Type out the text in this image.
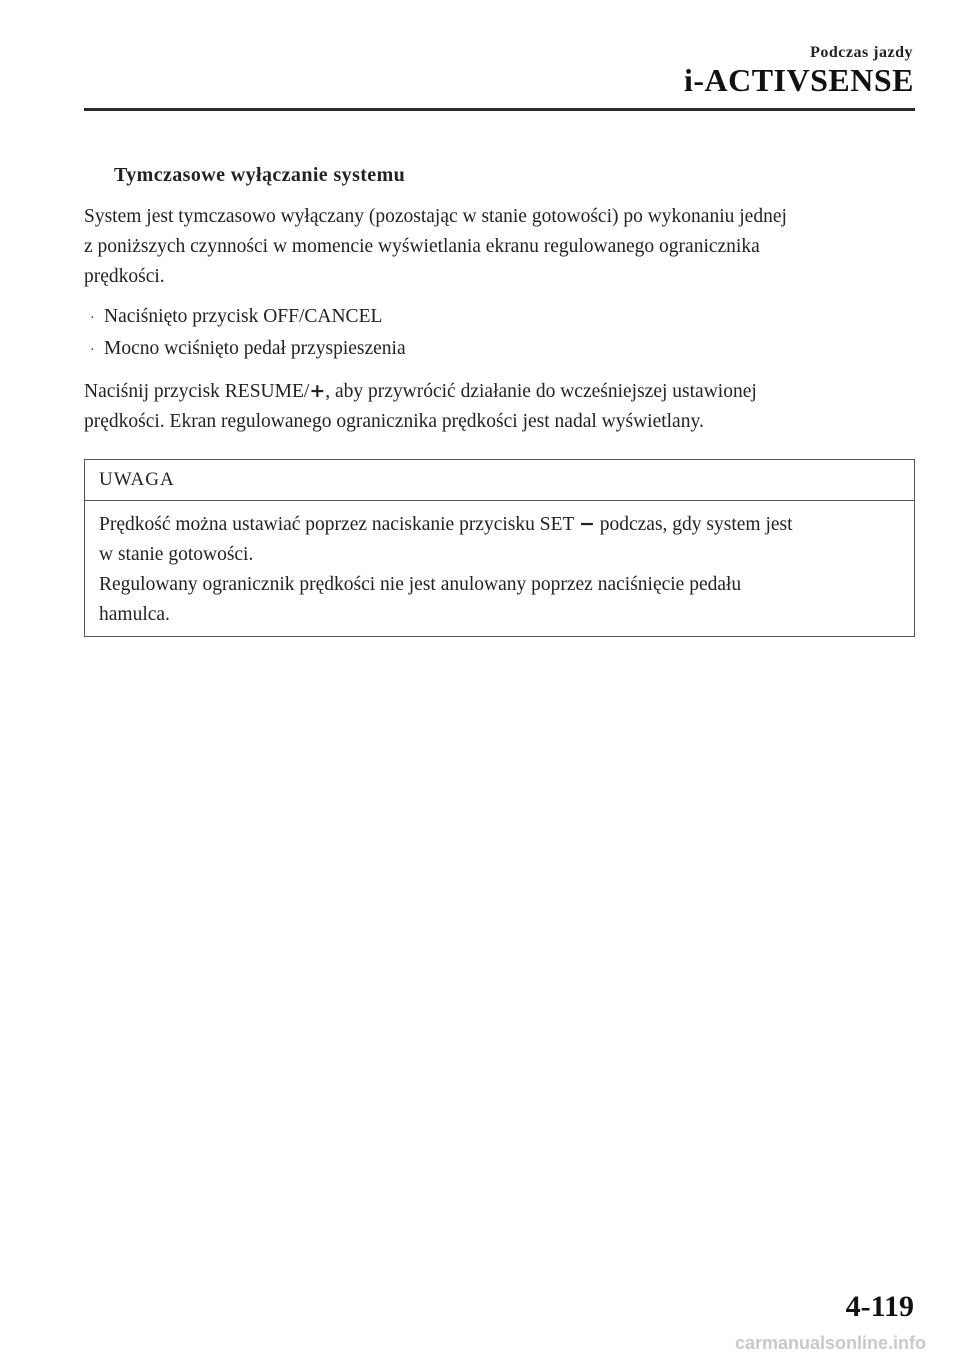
Podczas jazdy
i-ACTIVSENSE
Tymczasowe wyłączanie systemu
System jest tymczasowo wyłączany (pozostając w stanie gotowości) po wykonaniu jednej
z poniższych czynności w momencie wyświetlania ekranu regulowanego ogranicznika
prędkości.
· Naciśnięto przycisk OFF/CANCEL
· Mocno wciśnięto pedał przyspieszenia
Naciśnij przycisk RESUME/+, aby przywrócić działanie do wcześniejszej ustawionej
prędkości. Ekran regulowanego ogranicznika prędkości jest nadal wyświetlany.
UWAGA
Prędkość można ustawiać poprzez naciskanie przycisku SET − podczas, gdy system jest
w stanie gotowości.
Regulowany ogranicznik prędkości nie jest anulowany poprzez naciśnięcie pedału
hamulca.
4-119
carmanualsonline.info
